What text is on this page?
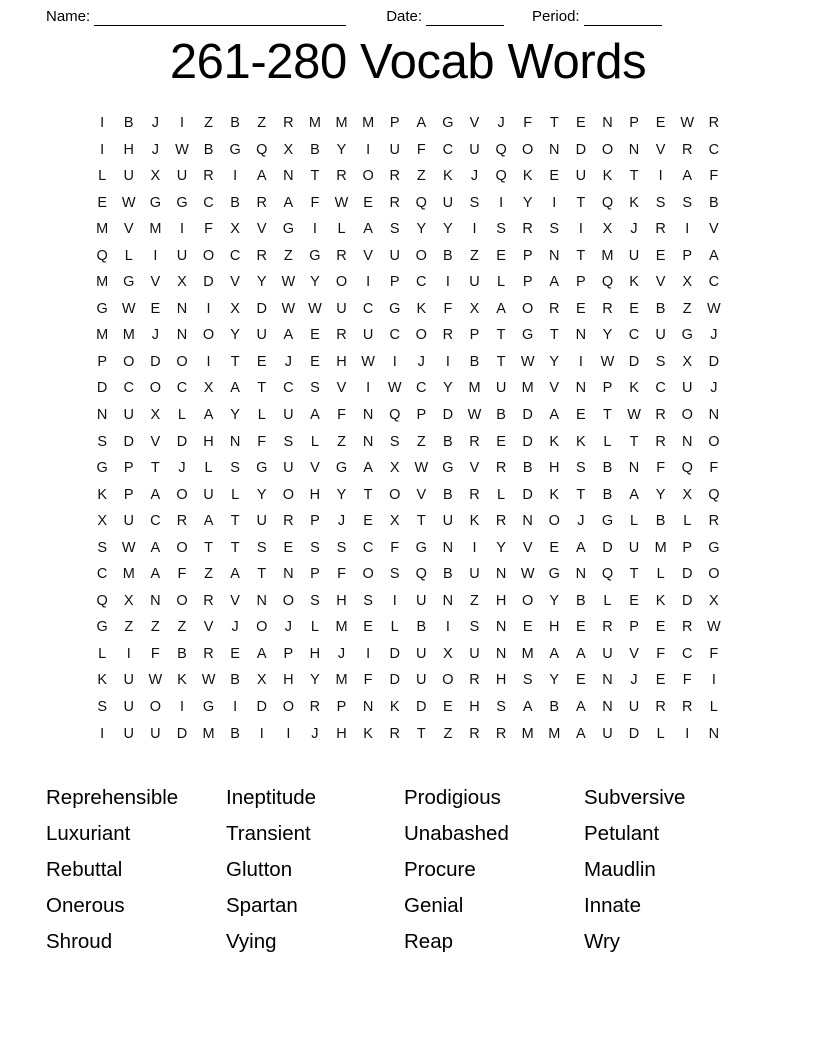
Name:	Date:	Period:
261-280 Vocab Words
I	B	J	I	Z	B	Z	R	M	M	M	P	A	G	V	J	F	T	E	N	P	E	W	R
I	H	J	W	B	G	Q	X	B	Y	I	U	F	C	U	Q	O	N	D	O	N	V	R	C
L	U	X	U	R	I	A	N	T	R	O	R	Z	K	J	Q	K	E	U	K	T	I	A	F
E	W	G	G	C	B	R	A	F	W	E	R	Q	U	S	I	Y	I	T	Q	K	S	S	B
M	V	M	I	F	X	V	G	I	L	A	S	Y	Y	I	S	R	S	I	X	J	R	I	V
Q	L	I	U	O	C	R	Z	G	R	V	U	O	B	Z	E	P	N	T	M	U	E	P	A
M	G	V	X	D	V	Y	W	Y	O	I	P	C	I	U	L	P	A	P	Q	K	V	X	C
G	W	E	N	I	X	D	W	W	U	C	G	K	F	X	A	O	R	E	R	E	B	Z	W
M	M	J	N	O	Y	U	A	E	R	U	C	O	R	P	T	G	T	N	Y	C	U	G	J
P	O	D	O	I	T	E	J	E	H	W	I	J	I	B	T	W	Y	I	W	D	S	X	D
D	C	O	C	X	A	T	C	S	V	I	W	C	Y	M	U	M	V	N	P	K	C	U	J
N	U	X	L	A	Y	L	U	A	F	N	Q	P	D	W	B	D	A	E	T	W	R	O	N
S	D	V	D	H	N	F	S	L	Z	N	S	Z	B	R	E	D	K	K	L	T	R	N	O
G	P	T	J	L	S	G	U	V	G	A	X	W	G	V	R	B	H	S	B	N	F	Q	F
K	P	A	O	U	L	Y	O	H	Y	T	O	V	B	R	L	D	K	T	B	A	Y	X	Q
X	U	C	R	A	T	U	R	P	J	E	X	T	U	K	R	N	O	J	G	L	B	L	R
S	W	A	O	T	T	S	E	S	S	C	F	G	N	I	Y	V	E	A	D	U	M	P	G
C	M	A	F	Z	A	T	N	P	F	O	S	Q	B	U	N	W	G	N	Q	T	L	D	O
Q	X	N	O	R	V	N	O	S	H	S	I	U	N	Z	H	O	Y	B	L	E	K	D	X
G	Z	Z	Z	V	J	O	J	L	M	E	L	B	I	S	N	E	H	E	R	P	E	R	W
L	I	F	B	R	E	A	P	H	J	I	D	U	X	U	N	M	A	A	U	V	F	C	F
K	U	W	K	W	B	X	H	Y	M	F	D	U	O	R	H	S	Y	E	N	J	E	F	I
S	U	O	I	G	I	D	O	R	P	N	K	D	E	H	S	A	B	A	N	U	R	R	L
I	U	U	D	M	B	I	I	J	H	K	R	T	Z	R	R	M	M	A	U	D	L	I	N
Reprehensible	Ineptitude	Prodigious	Subversive
Luxuriant	Transient	Unabashed	Petulant
Rebuttal	Glutton	Procure	Maudlin
Onerous	Spartan	Genial	Innate
Shroud	Vying	Reap	Wry
